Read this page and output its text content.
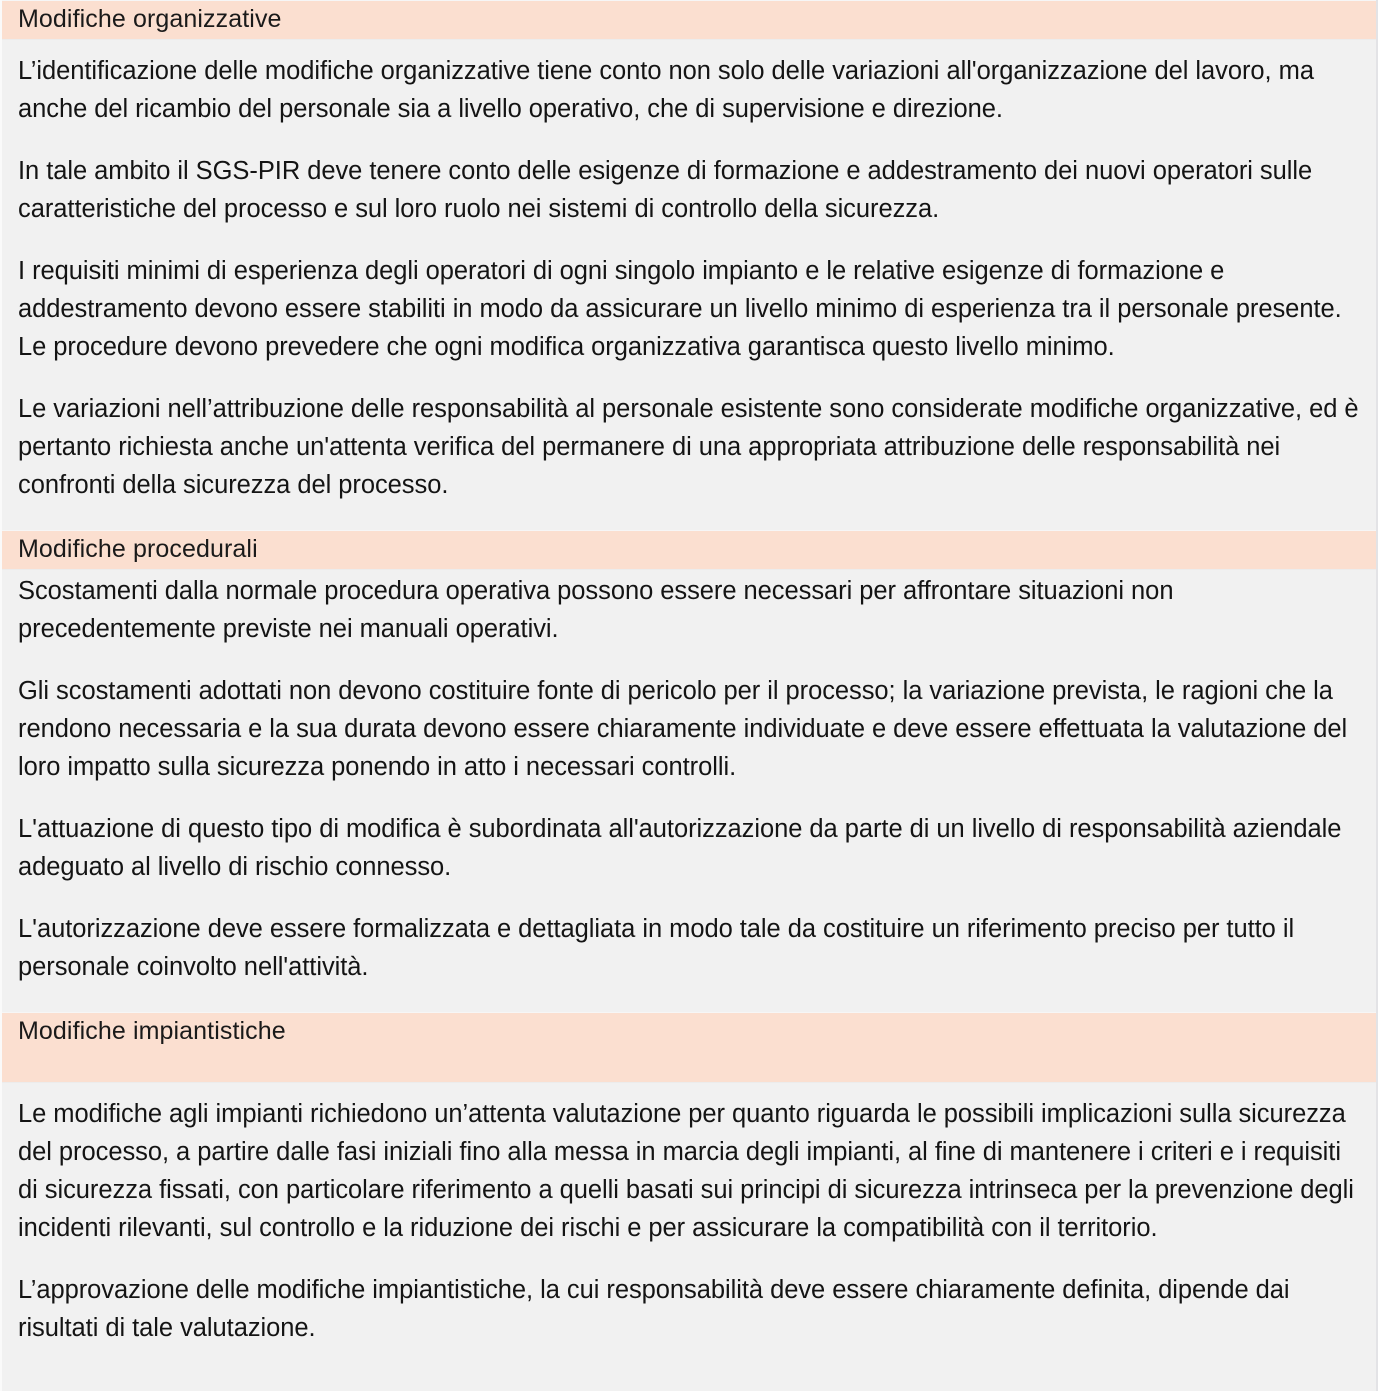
Modifiche organizzative

L’identificazione delle modifiche organizzative tiene conto non solo delle variazioni all'organizzazione del lavoro, ma anche del ricambio del personale sia a livello operativo, che di supervisione e direzione.

In tale ambito il SGS-PIR deve tenere conto delle esigenze di formazione e addestramento dei nuovi operatori sulle caratteristiche del processo e sul loro ruolo nei sistemi di controllo della sicurezza.

I requisiti minimi di esperienza degli operatori di ogni singolo impianto e le relative esigenze di formazione e addestramento devono essere stabiliti in modo da assicurare un livello minimo di esperienza tra il personale presente. Le procedure devono prevedere che ogni modifica organizzativa garantisca questo livello minimo.

Le variazioni nell’attribuzione delle responsabilità al personale esistente sono considerate modifiche organizzative, ed è pertanto richiesta anche un'attenta verifica del permanere di una appropriata attribuzione delle responsabilità nei confronti della sicurezza del processo.

Modifiche procedurali

Scostamenti dalla normale procedura operativa possono essere necessari per affrontare situazioni non precedentemente previste nei manuali operativi.

Gli scostamenti adottati non devono costituire fonte di pericolo per il processo; la variazione prevista, le ragioni che la rendono necessaria e la sua durata devono essere chiaramente individuate e deve essere effettuata la valutazione del loro impatto sulla sicurezza ponendo in atto i necessari controlli.

L'attuazione di questo tipo di modifica è subordinata all'autorizzazione da parte di un livello di responsabilità aziendale adeguato al livello di rischio connesso.

L'autorizzazione deve essere formalizzata e dettagliata in modo tale da costituire un riferimento preciso per tutto il personale coinvolto nell'attività.

Modifiche impiantistiche

Le modifiche agli impianti richiedono un’attenta valutazione per quanto riguarda le possibili implicazioni sulla sicurezza del processo, a partire dalle fasi iniziali fino alla messa in marcia degli impianti, al fine di mantenere i criteri e i requisiti di sicurezza fissati, con particolare riferimento a quelli basati sui principi di sicurezza intrinseca per la prevenzione degli incidenti rilevanti, sul controllo e la riduzione dei rischi e per assicurare la compatibilità con il territorio.

L’approvazione delle modifiche impiantistiche, la cui responsabilità deve essere chiaramente definita, dipende dai risultati di tale valutazione.
